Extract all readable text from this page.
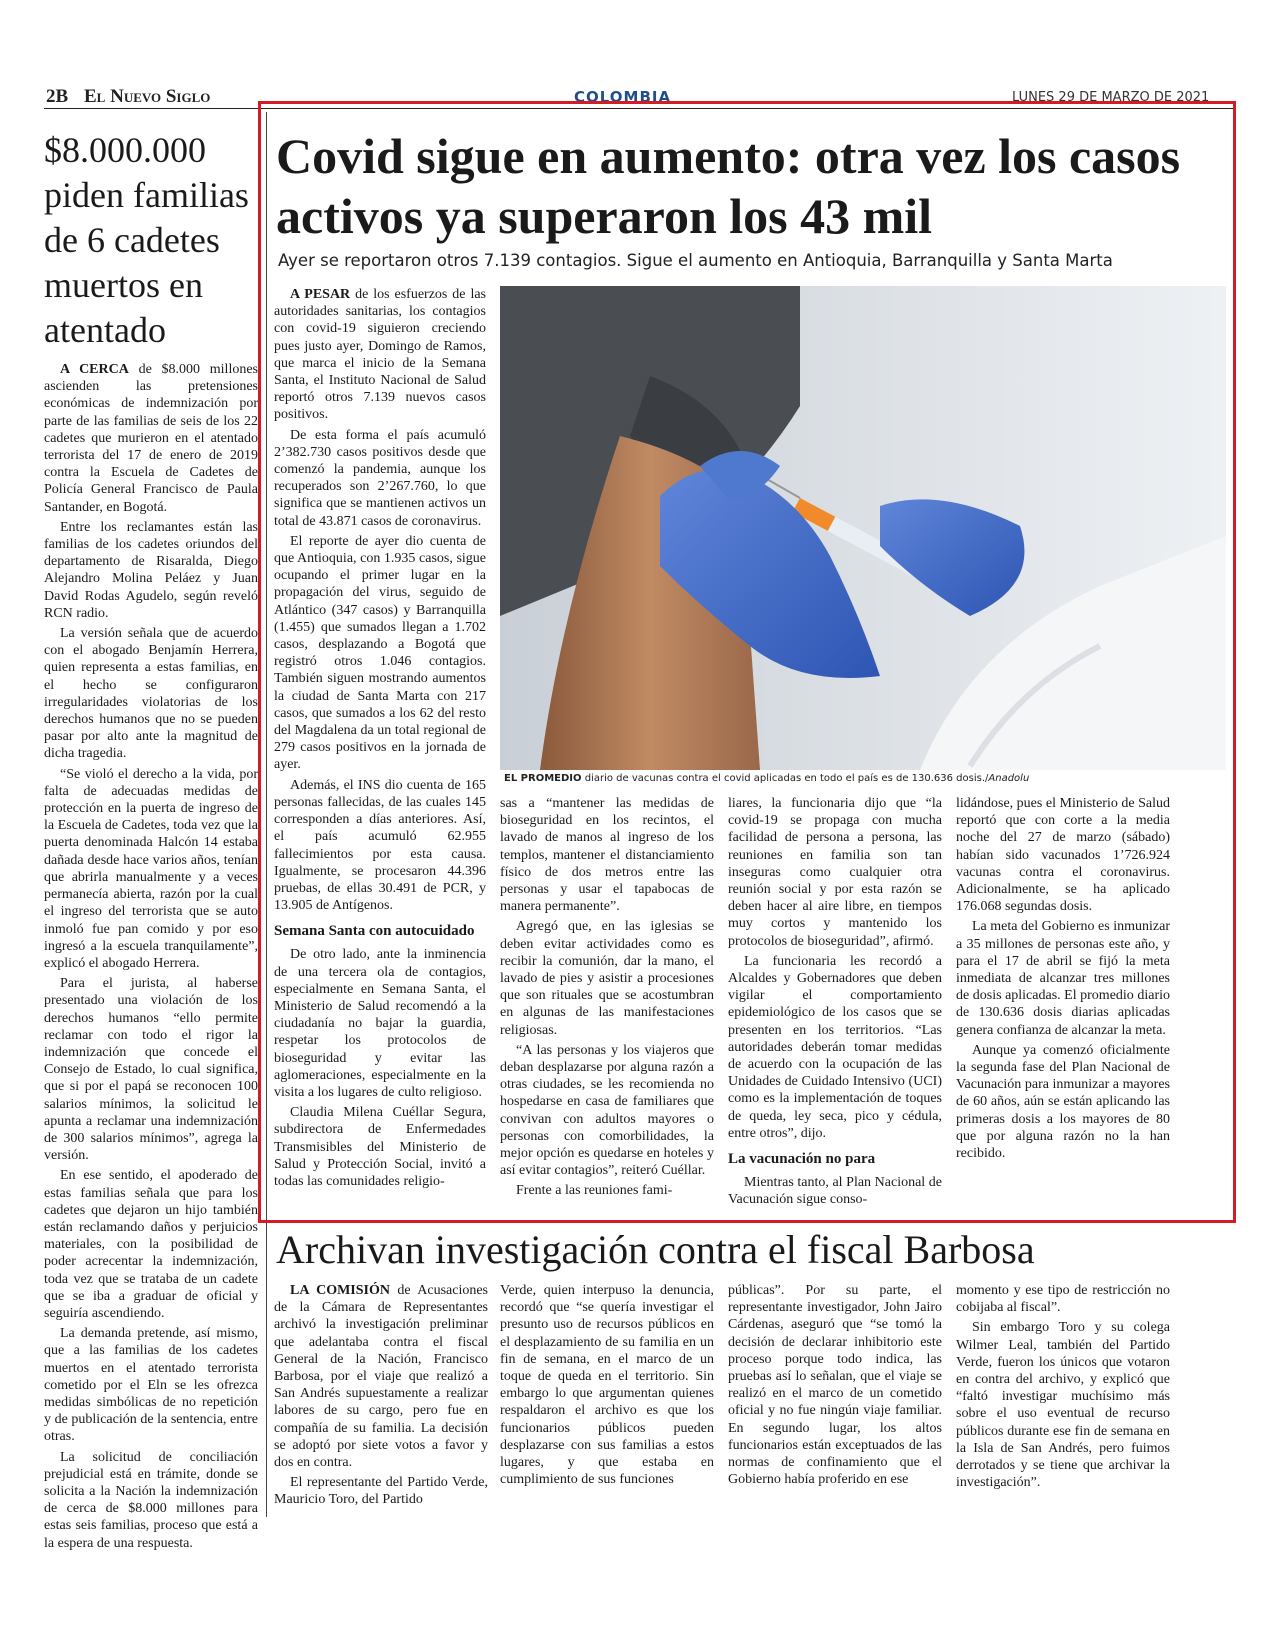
2B El Nuevo Siglo	COLOMBIA	LUNES 29 DE MARZO DE 2021
$8.000.000 piden familias de 6 cadetes muertos en atentado

A CERCA de $8.000 millones ascienden las pretensiones económicas de indemnización por parte de las familias de seis de los 22 cadetes que murieron en el atentado terrorista del 17 de enero de 2019 contra la Escuela de Cadetes de Policía General Francisco de Paula Santander, en Bogotá.

Entre los reclamantes están las familias de los cadetes oriundos del departamento de Risaralda, Diego Alejandro Molina Peláez y Juan David Rodas Agudelo, según reveló RCN radio.

La versión señala que de acuerdo con el abogado Benjamín Herrera, quien representa a estas familias, en el hecho se configuraron irregularidades violatorias de los derechos humanos que no se pueden pasar por alto ante la magnitud de dicha tragedia.

“Se violó el derecho a la vida, por falta de adecuadas medidas de protección en la puerta de ingreso de la Escuela de Cadetes, toda vez que la puerta denominada Halcón 14 estaba dañada desde hace varios años, tenían que abrirla manualmente y a veces permanecía abierta, razón por la cual el ingreso del terrorista que se auto inmoló fue pan comido y por eso ingresó a la escuela tranquilamente”, explicó el abogado Herrera.

Para el jurista, al haberse presentado una violación de los derechos humanos “ello permite reclamar con todo el rigor la indemnización que concede el Consejo de Estado, lo cual significa, que si por el papá se reconocen 100 salarios mínimos, la solicitud le apunta a reclamar una indemnización de 300 salarios mínimos”, agrega la versión.

En ese sentido, el apoderado de estas familias señala que para los cadetes que dejaron un hijo también están reclamando daños y perjuicios materiales, con la posibilidad de poder acrecentar la indemnización, toda vez que se trataba de un cadete que se iba a graduar de oficial y seguiría ascendiendo.

La demanda pretende, así mismo, que a las familias de los cadetes muertos en el atentado terrorista cometido por el Eln se les ofrezca medidas simbólicas de no repetición y de publicación de la sentencia, entre otras.

La solicitud de conciliación prejudicial está en trámite, donde se solicita a la Nación la indemnización de cerca de $8.000 millones para estas seis familias, proceso que está a la espera de una respuesta.

Covid sigue en aumento: otra vez los casos activos ya superaron los 43 mil
Ayer se reportaron otros 7.139 contagios. Sigue el aumento en Antioquia, Barranquilla y Santa Marta

A PESAR de los esfuerzos de las autoridades sanitarias, los contagios con covid-19 siguieron creciendo pues justo ayer, Domingo de Ramos, que marca el inicio de la Semana Santa, el Instituto Nacional de Salud reportó otros 7.139 nuevos casos positivos.

De esta forma el país acumuló 2’382.730 casos positivos desde que comenzó la pandemia, aunque los recuperados son 2’267.760, lo que significa que se mantienen activos un total de 43.871 casos de coronavirus.

El reporte de ayer dio cuenta de que Antioquia, con 1.935 casos, sigue ocupando el primer lugar en la propagación del virus, seguido de Atlántico (347 casos) y Barranquilla (1.455) que sumados llegan a 1.702 casos, desplazando a Bogotá que registró otros 1.046 contagios. También siguen mostrando aumentos la ciudad de Santa Marta con 217 casos, que sumados a los 62 del resto del Magdalena da un total regional de 279 casos positivos en la jornada de ayer.

Además, el INS dio cuenta de 165 personas fallecidas, de las cuales 145 corresponden a días anteriores. Así, el país acumuló 62.955 fallecimientos por esta causa. Igualmente, se procesaron 44.396 pruebas, de ellas 30.491 de PCR, y 13.905 de Antígenos.

Semana Santa con autocuidado

De otro lado, ante la inminencia de una tercera ola de contagios, especialmente en Semana Santa, el Ministerio de Salud recomendó a la ciudadanía no bajar la guardia, respetar los protocolos de bioseguridad y evitar las aglomeraciones, especialmente en la visita a los lugares de culto religioso.

Claudia Milena Cuéllar Segura, subdirectora de Enfermedades Transmisibles del Ministerio de Salud y Protección Social, invitó a todas las comunidades religio-

EL PROMEDIO diario de vacunas contra el covid aplicadas en todo el país es de 130.636 dosis./Anadolu

sas a “mantener las medidas de bioseguridad en los recintos, el lavado de manos al ingreso de los templos, mantener el distanciamiento físico de dos metros entre las personas y usar el tapabocas de manera permanente”.

Agregó que, en las iglesias se deben evitar actividades como es recibir la comunión, dar la mano, el lavado de pies y asistir a procesiones que son rituales que se acostumbran en algunas de las manifestaciones religiosas.

“A las personas y los viajeros que deban desplazarse por alguna razón a otras ciudades, se les recomienda no hospedarse en casa de familiares que convivan con adultos mayores o personas con comorbilidades, la mejor opción es quedarse en hoteles y así evitar contagios”, reiteró Cuéllar.

Frente a las reuniones fami-

liares, la funcionaria dijo que “la covid-19 se propaga con mucha facilidad de persona a persona, las reuniones en familia son tan inseguras como cualquier otra reunión social y por esta razón se deben hacer al aire libre, en tiempos muy cortos y mantenido los protocolos de bioseguridad”, afirmó.

La funcionaria les recordó a Alcaldes y Gobernadores que deben vigilar el comportamiento epidemiológico de los casos que se presenten en los territorios. “Las autoridades deberán tomar medidas de acuerdo con la ocupación de las Unidades de Cuidado Intensivo (UCI) como es la implementación de toques de queda, ley seca, pico y cédula, entre otros”, dijo.

La vacunación no para

Mientras tanto, al Plan Nacional de Vacunación sigue conso-

lidándose, pues el Ministerio de Salud reportó que con corte a la media noche del 27 de marzo (sábado) habían sido vacunados 1’726.924 vacunas contra el coronavirus. Adicionalmente, se ha aplicado 176.068 segundas dosis.

La meta del Gobierno es inmunizar a 35 millones de personas este año, y para el 17 de abril se fijó la meta inmediata de alcanzar tres millones de dosis aplicadas. El promedio diario de 130.636 dosis diarias aplicadas genera confianza de alcanzar la meta.

Aunque ya comenzó oficialmente la segunda fase del Plan Nacional de Vacunación para inmunizar a mayores de 60 años, aún se están aplicando las primeras dosis a los mayores de 80 que por alguna razón no la han recibido.

Archivan investigación contra el fiscal Barbosa

LA COMISIÓN de Acusaciones de la Cámara de Representantes archivó la investigación preliminar que adelantaba contra el fiscal General de la Nación, Francisco Barbosa, por el viaje que realizó a San Andrés supuestamente a realizar labores de su cargo, pero fue en compañía de su familia. La decisión se adoptó por siete votos a favor y dos en contra.

El representante del Partido Verde, Mauricio Toro, del Partido

Verde, quien interpuso la denuncia, recordó que “se quería investigar el presunto uso de recursos públicos en el desplazamiento de su familia en un fin de semana, en el marco de un toque de queda en el territorio. Sin embargo lo que argumentan quienes respaldaron el archivo es que los funcionarios públicos pueden desplazarse con sus familias a estos lugares, y que estaba en cumplimiento de sus funciones

públicas”. Por su parte, el representante investigador, John Jairo Cárdenas, aseguró que “se tomó la decisión de declarar inhibitorio este proceso porque todo indica, las pruebas así lo señalan, que el viaje se realizó en el marco de un cometido oficial y no fue ningún viaje familiar. En segundo lugar, los altos funcionarios están exceptuados de las normas de confinamiento que el Gobierno había proferido en ese

momento y ese tipo de restricción no cobijaba al fiscal”.

Sin embargo Toro y su colega Wilmer Leal, también del Partido Verde, fueron los únicos que votaron en contra del archivo, y explicó que “faltó investigar muchísimo más sobre el uso eventual de recurso públicos durante ese fin de semana en la Isla de San Andrés, pero fuimos derrotados y se tiene que archivar la investigación”.
